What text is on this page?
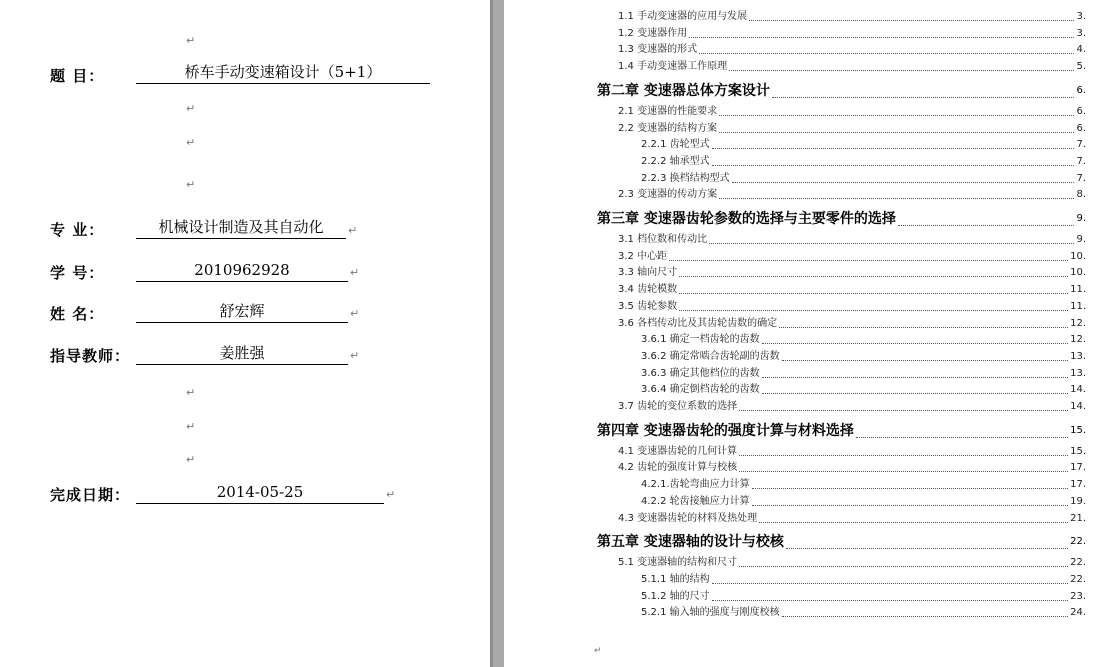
↵
题 目：	桥车手动变速箱设计（5+1）
↵
↵
↵
专 业：	机械设计制造及其自动化	↵
学 号：	2010962928	↵
姓 名：	舒宏辉	↵
指导教师：	姜胜强	↵
↵
↵
↵
完成日期：	2014-05-25	↵
1.1 手动变速器的应用与发展	3.
1.2 变速器作用	3.
1.3 变速器的形式	4.
1.4 手动变速器工作原理	5.
第二章 变速器总体方案设计	6.
2.1 变速器的性能要求	6.
2.2 变速器的结构方案	6.
2.2.1 齿轮型式	7.
2.2.2 轴承型式	7.
2.2.3 换档结构型式	7.
2.3 变速器的传动方案	8.
第三章 变速器齿轮参数的选择与主要零件的选择	9.
3.1 档位数和传动比	9.
3.2 中心距	10.
3.3 轴向尺寸	10.
3.4 齿轮模数	11.
3.5 齿轮参数	11.
3.6 各档传动比及其齿轮齿数的确定	12.
3.6.1 确定一档齿轮的齿数	12.
3.6.2 确定常啮合齿轮副的齿数	13.
3.6.3 确定其他档位的齿数	13.
3.6.4 确定倒档齿轮的齿数	14.
3.7 齿轮的变位系数的选择	14.
第四章 变速器齿轮的强度计算与材料选择	15.
4.1 变速器齿轮的几何计算	15.
4.2 齿轮的强度计算与校核	17.
4.2.1.齿轮弯曲应力计算	17.
4.2.2 轮齿接触应力计算	19.
4.3 变速器齿轮的材料及热处理	21.
第五章 变速器轴的设计与校核	22.
5.1 变速器轴的结构和尺寸	22.
5.1.1 轴的结构	22.
5.1.2 轴的尺寸	23.
5.2.1 输入轴的强度与刚度校核	24.
↵
